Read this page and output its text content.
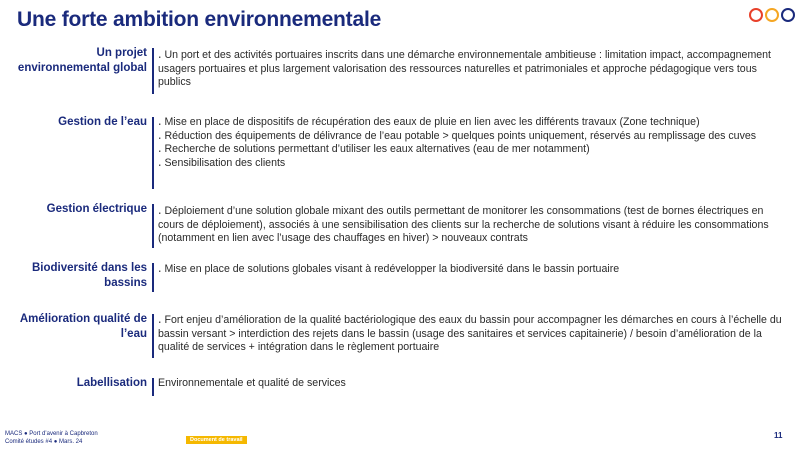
Une forte ambition environnementale
Un projet
environnemental global
․ Un port et des activités portuaires inscrits dans une démarche environnementale ambitieuse : limitation impact, accompagnement usagers portuaires et plus largement valorisation des ressources naturelles et patrimoniales et approche pédagogique vers tous publics
Gestion de l’eau ․ Mise en place de dispositifs de récupération des eaux de pluie en lien avec les différents travaux (Zone technique)
․ Réduction des équipements de délivrance de l’eau potable > quelques points uniquement, réservés au remplissage des cuves
․ Recherche de solutions permettant d’utiliser les eaux alternatives (eau de mer notamment)
․ Sensibilisation des clients
Gestion électrique ․ Déploiement d’une solution globale mixant des outils permettant de monitorer les consommations (test de bornes électriques en cours de déploiement), associés à une sensibilisation des clients sur la recherche de solutions visant à réduire les consommations (notamment en lien avec l’usage des chauffages en hiver) > nouveaux contrats
Biodiversité dans les
bassins
․ Mise en place de solutions globales visant à redévelopper la biodiversité dans le bassin portuaire
Amélioration qualité de
l’eau
․ Fort enjeu d’amélioration de la qualité bactériologique des eaux du bassin pour accompagner les démarches en cours à l’échelle du bassin versant > interdiction des rejets dans le bassin (usage des sanitaires et services capitainerie) / besoin d’amélioration de la qualité de services + intégration dans le règlement portuaire
Labellisation Environnementale et qualité de services
MACS ● Port d’avenir à Capbreton
Comité études #4 ● Mars. 24	Document de travail	11
